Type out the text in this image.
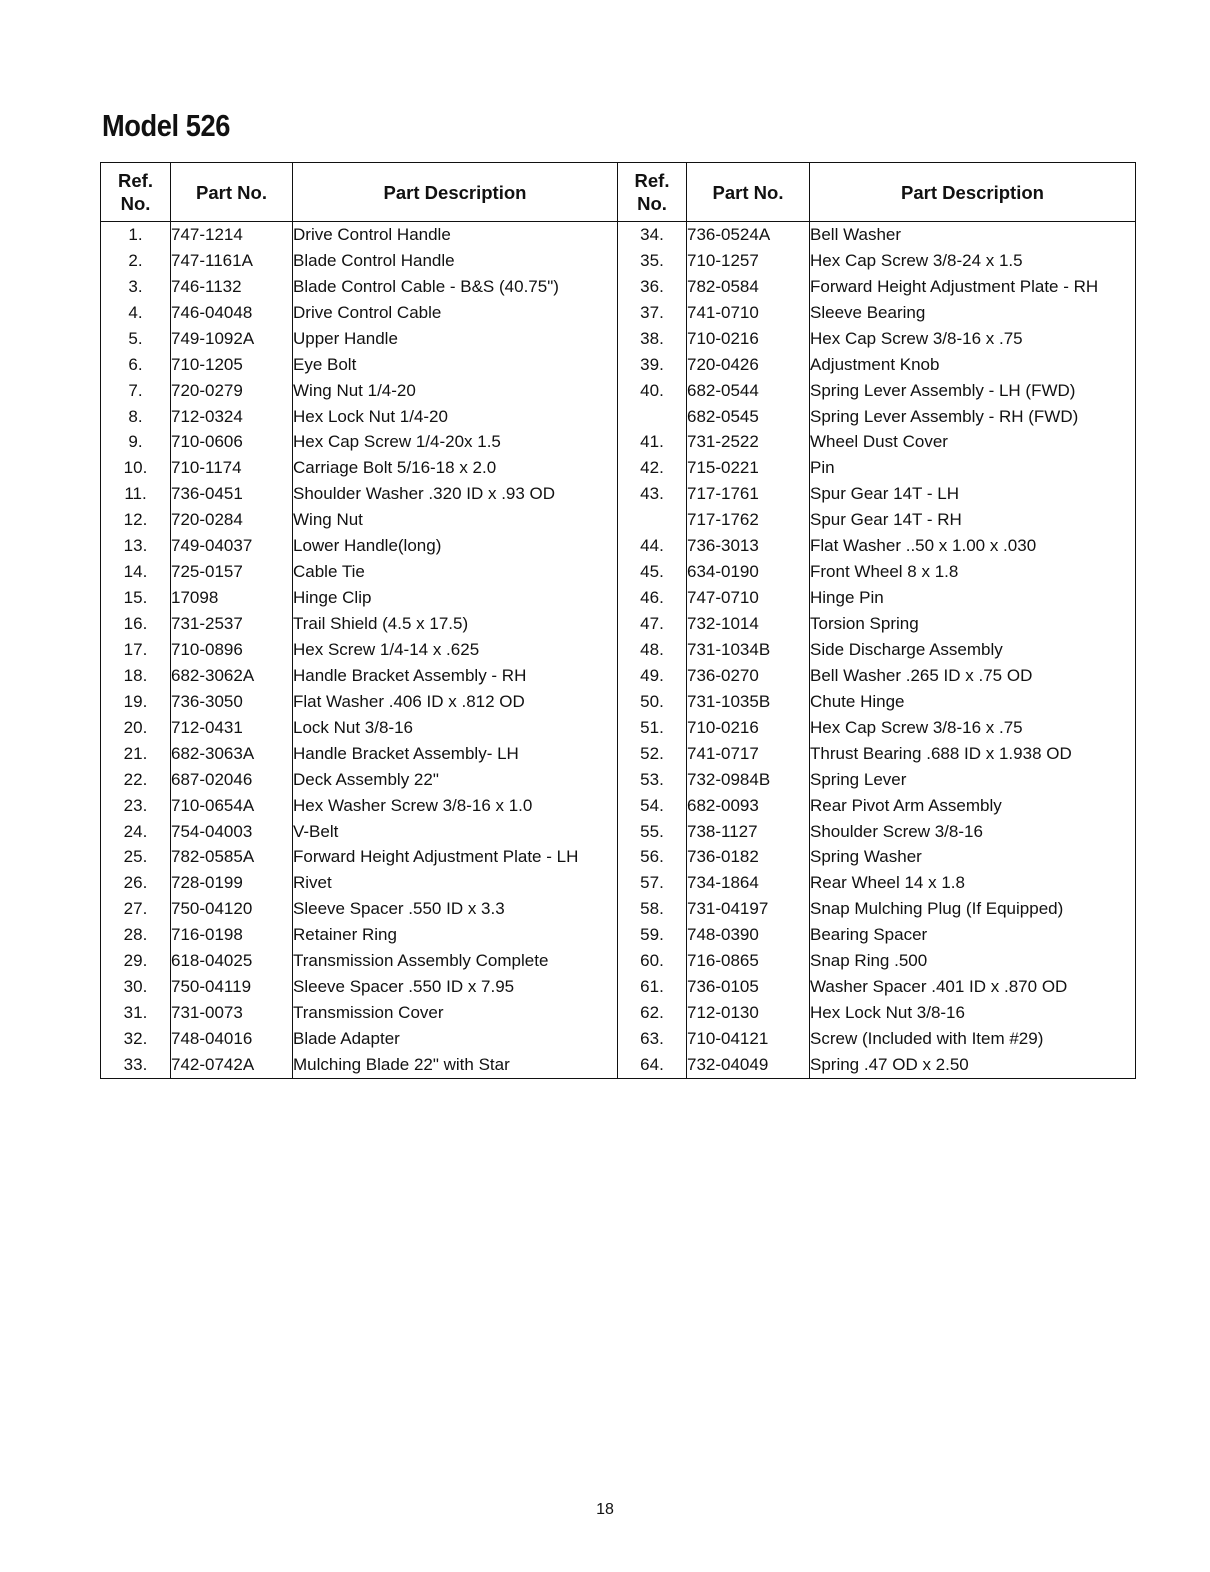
Model 526
Ref. No.	Part No.	Part Description	Ref. No.	Part No.	Part Description
1.	747-1214	Drive Control Handle	34.	736-0524A	Bell Washer
2.	747-1161A	Blade Control Handle	35.	710-1257	Hex Cap Screw 3/8-24 x 1.5
3.	746-1132	Blade Control Cable - B&S (40.75")	36.	782-0584	Forward Height Adjustment Plate - RH
4.	746-04048	Drive Control Cable	37.	741-0710	Sleeve Bearing
5.	749-1092A	Upper Handle	38.	710-0216	Hex Cap Screw 3/8-16 x .75
6.	710-1205	Eye Bolt	39.	720-0426	Adjustment Knob
7.	720-0279	Wing Nut 1/4-20	40.	682-0544	Spring Lever Assembly - LH (FWD)
8.	712-0324	Hex Lock Nut 1/4-20		682-0545	Spring Lever Assembly - RH (FWD)
9.	710-0606	Hex Cap Screw 1/4-20x 1.5	41.	731-2522	Wheel Dust Cover
10.	710-1174	Carriage Bolt 5/16-18 x 2.0	42.	715-0221	Pin
11.	736-0451	Shoulder Washer .320 ID x .93 OD	43.	717-1761	Spur Gear 14T - LH
12.	720-0284	Wing Nut		717-1762	Spur Gear 14T - RH
13.	749-04037	Lower Handle(long)	44.	736-3013	Flat Washer ..50 x 1.00 x .030
14.	725-0157	Cable Tie	45.	634-0190	Front Wheel 8 x 1.8
15.	17098	Hinge Clip	46.	747-0710	Hinge Pin
16.	731-2537	Trail Shield (4.5 x 17.5)	47.	732-1014	Torsion Spring
17.	710-0896	Hex Screw 1/4-14 x .625	48.	731-1034B	Side Discharge Assembly
18.	682-3062A	Handle Bracket Assembly - RH	49.	736-0270	Bell Washer .265 ID x .75 OD
19.	736-3050	Flat Washer .406 ID x .812 OD	50.	731-1035B	Chute Hinge
20.	712-0431	Lock Nut 3/8-16	51.	710-0216	Hex Cap Screw 3/8-16 x .75
21.	682-3063A	Handle Bracket Assembly- LH	52.	741-0717	Thrust Bearing .688 ID x 1.938 OD
22.	687-02046	Deck Assembly 22"	53.	732-0984B	Spring Lever
23.	710-0654A	Hex Washer Screw 3/8-16 x 1.0	54.	682-0093	Rear Pivot Arm Assembly
24.	754-04003	V-Belt	55.	738-1127	Shoulder Screw 3/8-16
25.	782-0585A	Forward Height Adjustment Plate - LH	56.	736-0182	Spring Washer
26.	728-0199	Rivet	57.	734-1864	Rear Wheel 14 x 1.8
27.	750-04120	Sleeve Spacer .550 ID x 3.3	58.	731-04197	Snap Mulching Plug (If Equipped)
28.	716-0198	Retainer Ring	59.	748-0390	Bearing Spacer
29.	618-04025	Transmission Assembly Complete	60.	716-0865	Snap Ring .500
30.	750-04119	Sleeve Spacer .550 ID x 7.95	61.	736-0105	Washer Spacer .401 ID x .870 OD
31.	731-0073	Transmission Cover	62.	712-0130	Hex Lock Nut 3/8-16
32.	748-04016	Blade Adapter	63.	710-04121	Screw (Included with Item #29)
33.	742-0742A	Mulching Blade 22" with Star	64.	732-04049	Spring .47 OD x 2.50
18
